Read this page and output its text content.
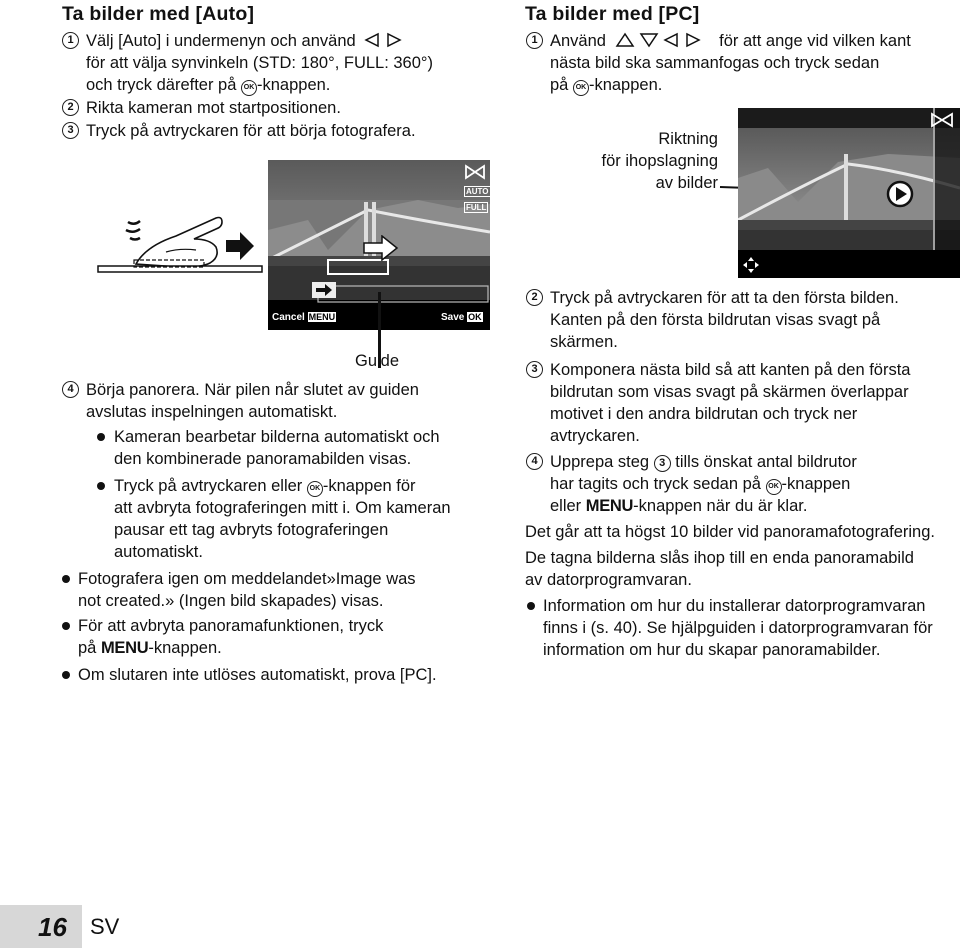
Ta bilder med [Auto]
1 Välj [Auto] i undermenyn och använd
för att välja synvinkeln (STD: 180°, FULL: 360°)
och tryck därefter på OK -knappen.
2 Rikta kameran mot startpositionen.
3 Tryck på avtryckaren för att börja fotografera.
AUTO
FULL
Cancel MENU	Save OK
Guide
4 Börja panorera. När pilen når slutet av guiden
avslutas inspelningen automatiskt.
Kameran bearbetar bilderna automatiskt och
den kombinerade panoramabilden visas.
Tryck på avtryckaren eller OK -knappen för
att avbryta fotograferingen mitt i. Om kameran
pausar ett tag avbryts fotograferingen
automatiskt.
Fotografera igen om meddelandet»Image was
not created.» (Ingen bild skapades) visas.
För att avbryta panoramafunktionen, tryck
på MENU-knappen.
Om slutaren inte utlöses automatiskt, prova [PC].
Ta bilder med [PC]
1 Använd	för att ange vid vilken kant
nästa bild ska sammanfogas och tryck sedan
på OK -knappen.
Riktning
för ihopslagning
av bilder
2 Tryck på avtryckaren för att ta den första bilden.
Kanten på den första bildrutan visas svagt på
skärmen.
3 Komponera nästa bild så att kanten på den första
bildrutan som visas svagt på skärmen överlappar
motivet i den andra bildrutan och tryck ner
avtryckaren.
4 Upprepa steg 3 tills önskat antal bildrutor
har tagits och tryck sedan på OK -knappen
eller MENU-knappen när du är klar.
Det går att ta högst 10 bilder vid panoramafotografering.
De tagna bilderna slås ihop till en enda panoramabild
av datorprogramvaran.
Information om hur du installerar datorprogramvaran
finns i (s. 40). Se hjälpguiden i datorprogramvaran för
information om hur du skapar panoramabilder.
16 SV
